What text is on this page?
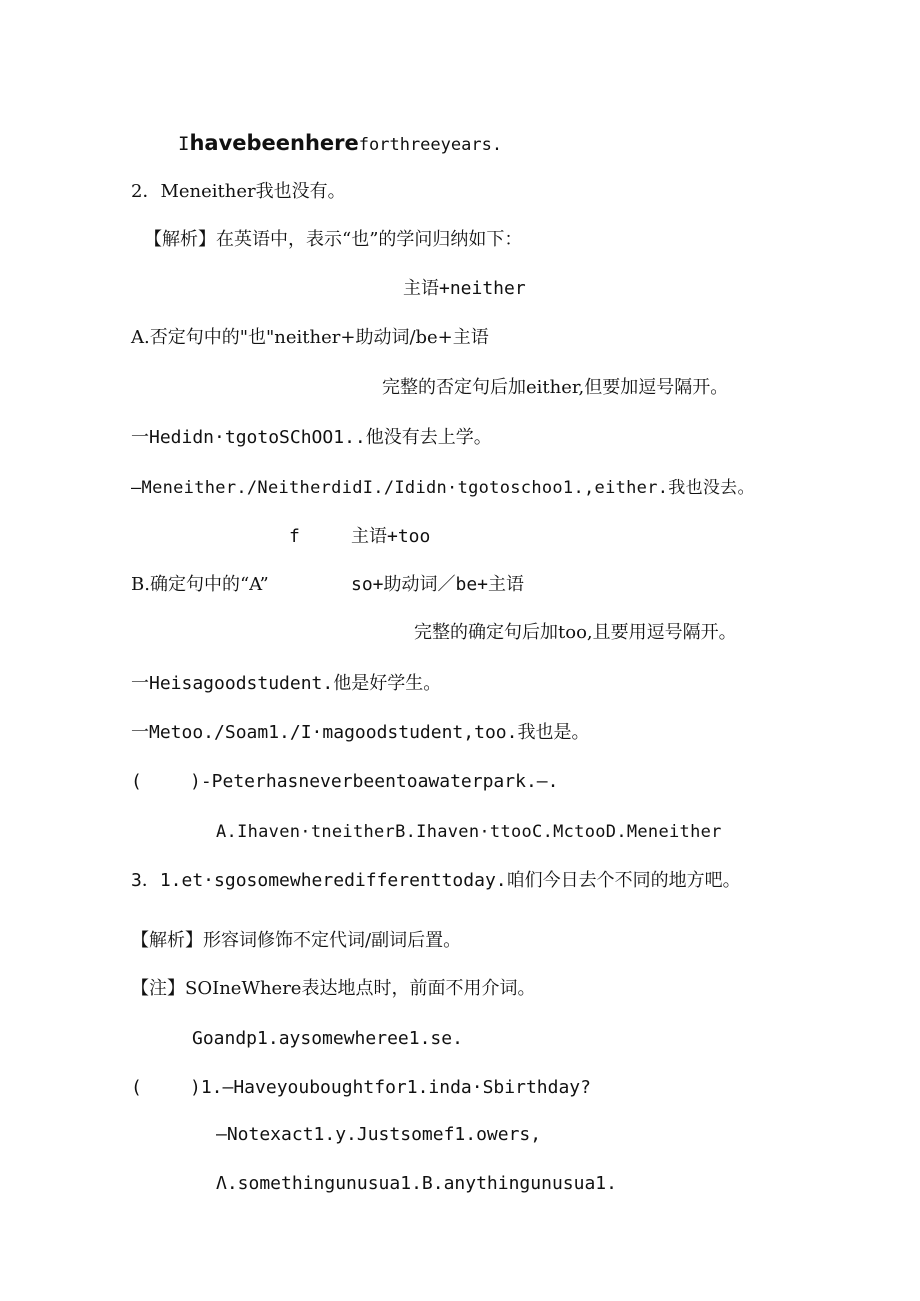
Ihavebeenhereforthreeyears.
2．Meneither我也没有。
【解析】在英语中，表示“也”的学问归纳如下：
主语+neither
A.否定句中的"也"neither+助动词/be+主语
完整的否定句后加either,但要加逗号隔开。
一Hedidn·tgotoSChOO1..他没有去上学。
—Meneither./NeitherdidI./Ididn·tgotoschoo1.,either.我也没去。
f	主语+too
B.确定句中的“A”	so+助动词／be+主语
完整的确定句后加too,且要用逗号隔开。
一Heisagoodstudent.他是好学生。
一Metoo./Soam1./I·magoodstudent,too.我也是。
(	)-Peterhasneverbeentoawaterpark.—.
A.Ihaven·tneitherB.Ihaven·ttooC.MctooD.Meneither
3．1.et·sgosomewheredifferenttoday.咱们今日去个不同的地方吧。
【解析】形容词修饰不定代词/副词后置。
【注】SOIneWhere表达地点时，前面不用介词。
Goandp1.aysomewheree1.se.
(	)1.—Haveyouboughtfor1.inda·Sbirthday?
—Notexact1.y.Justsomef1.owers,
Λ.somethingunusua1.B.anythingunusua1.
